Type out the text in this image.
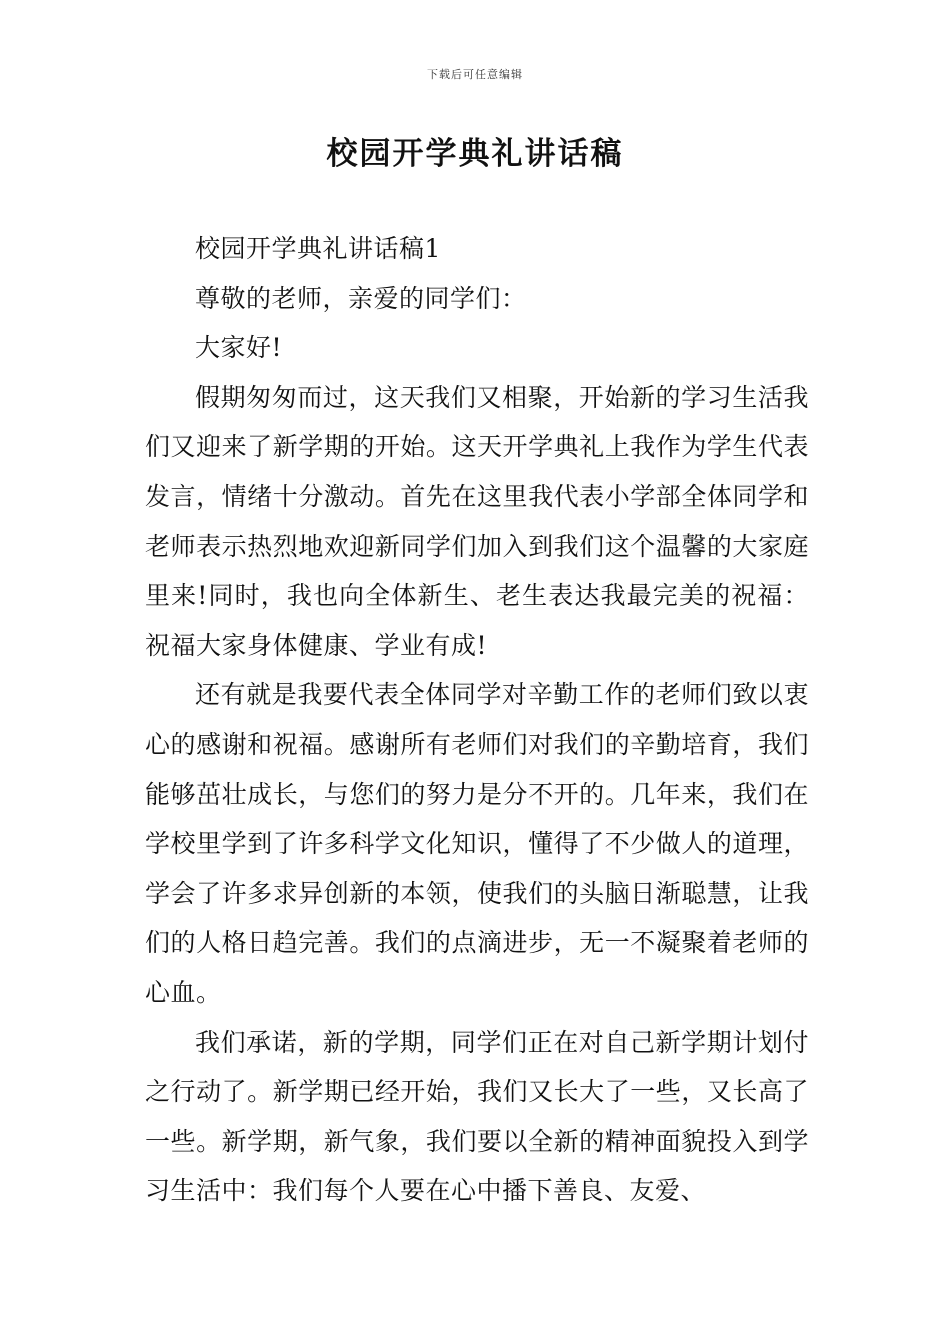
下载后可任意编辑
校园开学典礼讲话稿

校园开学典礼讲话稿1

尊敬的老师，亲爱的同学们：

大家好!

假期匆匆而过，这天我们又相聚，开始新的学习生活我们又迎来了新学期的开始。这天开学典礼上我作为学生代表发言，情绪十分激动。首先在这里我代表小学部全体同学和老师表示热烈地欢迎新同学们加入到我们这个温馨的大家庭里来!同时，我也向全体新生、老生表达我最完美的祝福：祝福大家身体健康、学业有成!

还有就是我要代表全体同学对辛勤工作的老师们致以衷心的感谢和祝福。感谢所有老师们对我们的辛勤培育，我们能够茁壮成长，与您们的努力是分不开的。几年来，我们在学校里学到了许多科学文化知识，懂得了不少做人的道理，学会了许多求异创新的本领，使我们的头脑日渐聪慧，让我们的人格日趋完善。我们的点滴进步，无一不凝聚着老师的心血。

我们承诺，新的学期，同学们正在对自己新学期计划付之行动了。新学期已经开始，我们又长大了一些，又长高了一些。新学期，新气象，我们要以全新的精神面貌投入到学习生活中：我们每个人要在心中播下善良、友爱、
